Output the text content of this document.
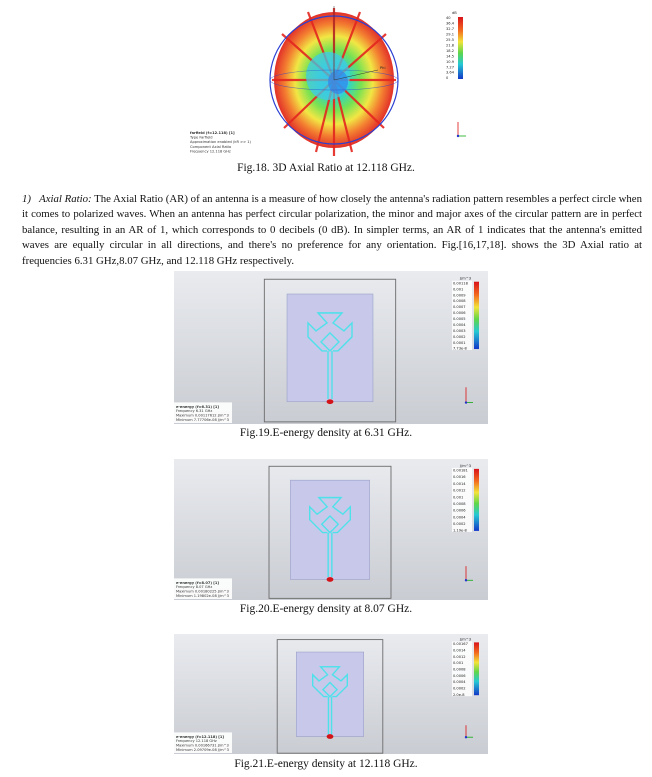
Phi
dB
40
36.4
32.7
29.1
25.5
21.8
18.2
14.5
10.9
7.27
3.64
0
farfield (f=12.118) [1]
Type Farfield
Approximation enabled (kR >> 1)
Component Axial Ratio
Frequency 12.118 GHz
Fig.18. 3D Axial Ratio at 12.118 GHz.
1) Axial Ratio: The Axial Ratio (AR) of an antenna is a measure of how closely the antenna's radiation pattern resembles a perfect circle when it comes to polarized waves. When an antenna has perfect circular polarization, the minor and major axes of the circular pattern are in perfect balance, resulting in an AR of 1, which corresponds to 0 decibels (0 dB). In simpler terms, an AR of 1 indicates that the antenna's emitted waves are equally circular in all directions, and there's no preference for any orientation. Fig.[16,17,18]. shows the 3D Axial ratio at frequencies 6.31 GHz,8.07 GHz, and 12.118 GHz respectively.
J/m^3
0.00118
0.001
0.0009
0.0008
0.0007
0.0006
0.0005
0.0004
0.0003
0.0002
0.0001
7.73e-8
e-energy (f=6.31) [1]
Frequency 6.31 GHz
Maximum 0.00117612 J/m^3
Minimum 7.77706e-08 J/m^3
Fig.19.E-energy density at 6.31 GHz.
J/m^3
0.00181
0.0016
0.0014
0.0012
0.001
0.0008
0.0006
0.0004
0.0002
1.19e-8
e-energy (f=8.07) [1]
Frequency 8.07 GHz
Maximum 0.00180225 J/m^3
Minimum 1.19802e-08 J/m^3
Fig.20.E-energy density at 8.07 GHz.
J/m^3
0.00167
0.0014
0.0012
0.001
0.0008
0.0006
0.0004
0.0002
2.0e-8
e-energy (f=12.118) [1]
Frequency 12.118 GHz
Maximum 0.00166731 J/m^3
Minimum 2.09709e-08 J/m^3
Fig.21.E-energy density at 12.118 GHz.
